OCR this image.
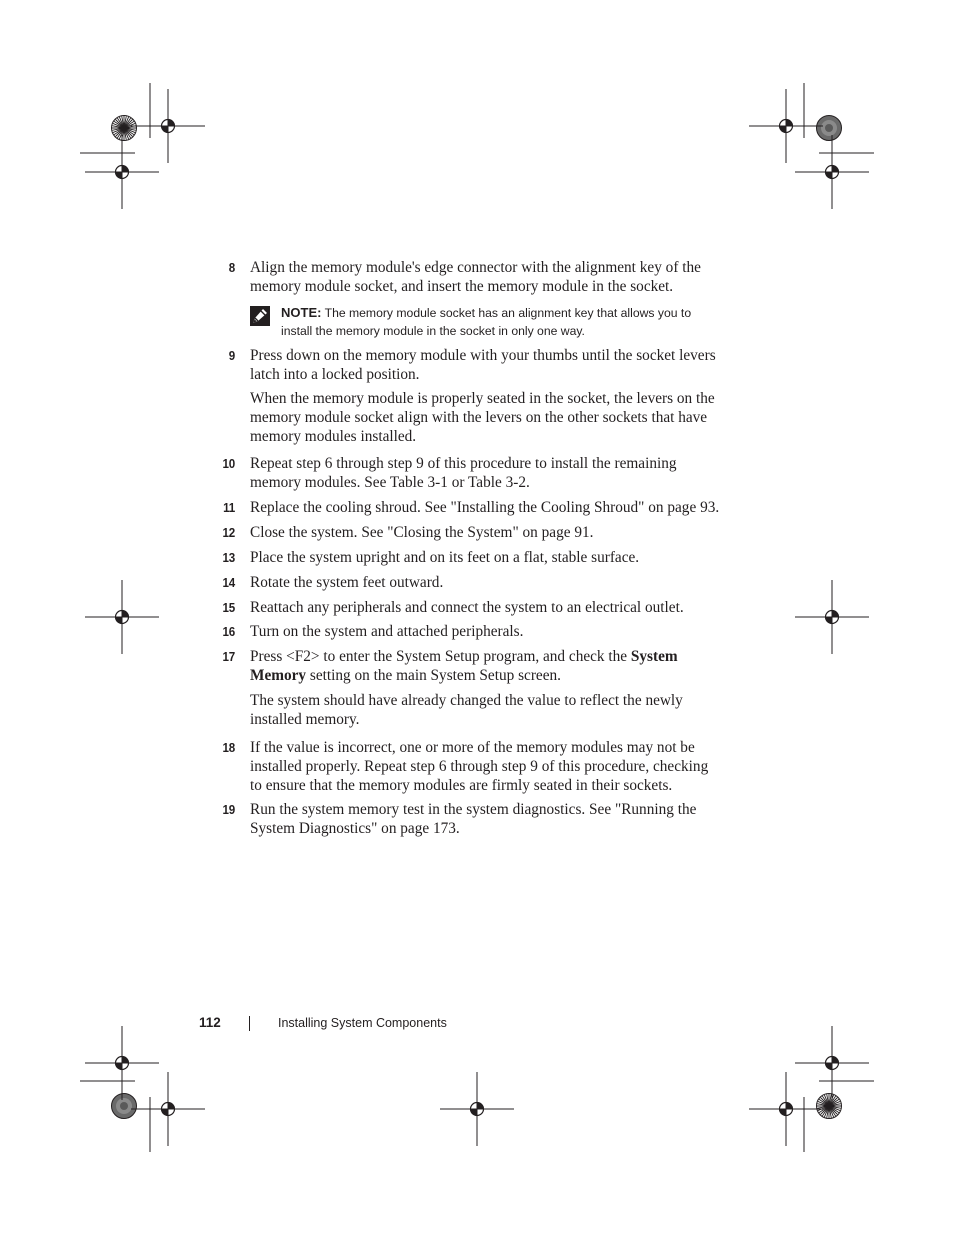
8 Align the memory module's edge connector with the alignment key of the memory module socket, and insert the memory module in the socket.
NOTE: The memory module socket has an alignment key that allows you to install the memory module in the socket in only one way.
9 Press down on the memory module with your thumbs until the socket levers latch into a locked position.
When the memory module is properly seated in the socket, the levers on the memory module socket align with the levers on the other sockets that have memory modules installed.
10 Repeat step 6 through step 9 of this procedure to install the remaining memory modules. See Table 3-1 or Table 3-2.
11 Replace the cooling shroud. See "Installing the Cooling Shroud" on page 93.
12 Close the system. See "Closing the System" on page 91.
13 Place the system upright and on its feet on a flat, stable surface.
14 Rotate the system feet outward.
15 Reattach any peripherals and connect the system to an electrical outlet.
16 Turn on the system and attached peripherals.
17 Press <F2> to enter the System Setup program, and check the System Memory setting on the main System Setup screen.
The system should have already changed the value to reflect the newly installed memory.
18 If the value is incorrect, one or more of the memory modules may not be installed properly. Repeat step 6 through step 9 of this procedure, checking to ensure that the memory modules are firmly seated in their sockets.
19 Run the system memory test in the system diagnostics. See "Running the System Diagnostics" on page 173.
112	Installing System Components
